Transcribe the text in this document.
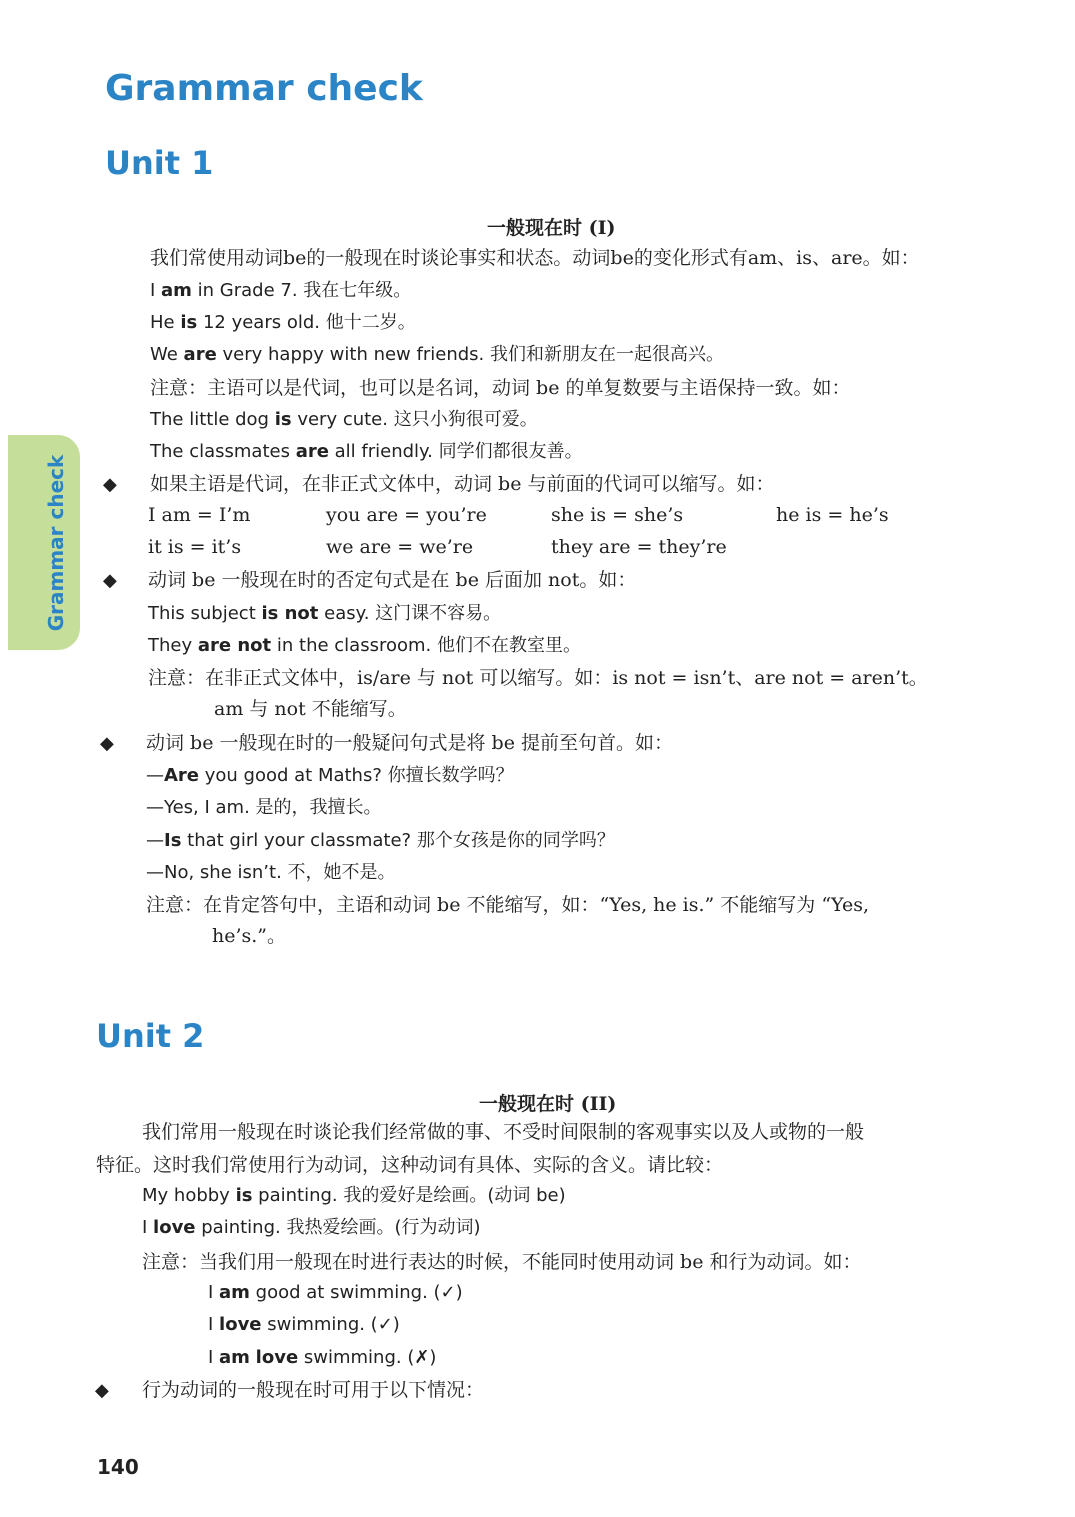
Grammar check
Grammar check
Unit 1
一般现在时 (I)
我们常使用动词be的一般现在时谈论事实和状态。动词be的变化形式有am、is、are。如：
I am in Grade 7. 我在七年级。
He is 12 years old. 他十二岁。
We are very happy with new friends. 我们和新朋友在一起很高兴。
注意：主语可以是代词，也可以是名词，动词 be 的单复数要与主语保持一致。如：
The little dog is very cute. 这只小狗很可爱。
The classmates are all friendly. 同学们都很友善。
◆ 如果主语是代词，在非正式文体中，动词 be 与前面的代词可以缩写。如：
I am = I’m	you are = you’re	she is = she’s	he is = he’s
it is = it’s	we are = we’re	they are = they’re
◆ 动词 be 一般现在时的否定句式是在 be 后面加 not。如：
This subject is not easy. 这门课不容易。
They are not in the classroom. 他们不在教室里。
注意：在非正式文体中，is/are 与 not 可以缩写。如：is not = isn’t、are not = aren’t。
am 与 not 不能缩写。
◆ 动词 be 一般现在时的一般疑问句式是将 be 提前至句首。如：
—Are you good at Maths? 你擅长数学吗？
—Yes, I am. 是的，我擅长。
—Is that girl your classmate? 那个女孩是你的同学吗？
—No, she isn’t. 不，她不是。
注意：在肯定答句中，主语和动词 be 不能缩写，如：“Yes, he is.” 不能缩写为 “Yes,
he’s.”。
Unit 2
一般现在时 (II)
我们常用一般现在时谈论我们经常做的事、不受时间限制的客观事实以及人或物的一般
特征。这时我们常使用行为动词，这种动词有具体、实际的含义。请比较：
My hobby is painting. 我的爱好是绘画。(动词 be)
I love painting. 我热爱绘画。(行为动词)
注意：当我们用一般现在时进行表达的时候，不能同时使用动词 be 和行为动词。如：
I am good at swimming. (✓)
I love swimming. (✓)
I am love swimming. (✗)
◆ 行为动词的一般现在时可用于以下情况：
140
